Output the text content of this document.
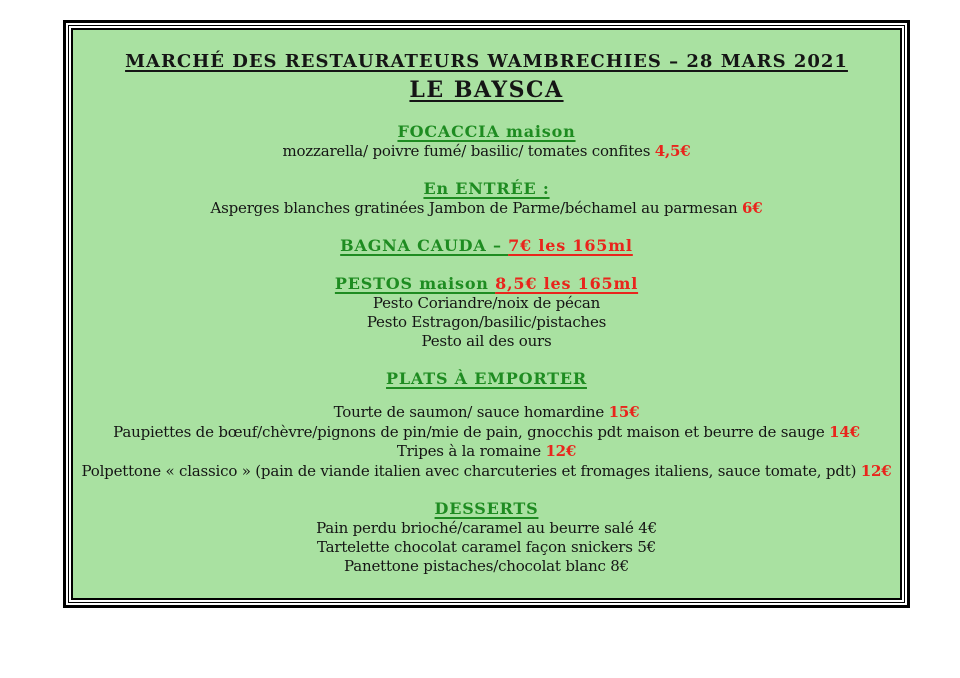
MARCHÉ DES RESTAURATEURS WAMBRECHIES – 28 MARS 2021
LE BAYSCA
FOCACCIA maison
mozzarella/ poivre fumé/ basilic/ tomates confites 4,5€
En ENTRÉE :
Asperges blanches gratinées Jambon de Parme/béchamel au parmesan 6€
BAGNA CAUDA – 7€ les 165ml
PESTOS maison 8,5€ les 165ml
Pesto Coriandre/noix de pécan
Pesto Estragon/basilic/pistaches
Pesto ail des ours
PLATS À EMPORTER
Tourte de saumon/ sauce homardine 15€
Paupiettes de bœuf/chèvre/pignons de pin/mie de pain, gnocchis pdt maison et beurre de sauge 14€
Tripes à la romaine 12€
Polpettone « classico » (pain de viande italien avec charcuteries et fromages italiens, sauce tomate, pdt) 12€
DESSERTS
Pain perdu brioché/caramel au beurre salé 4€
Tartelette chocolat caramel façon snickers 5€
Panettone pistaches/chocolat blanc 8€
